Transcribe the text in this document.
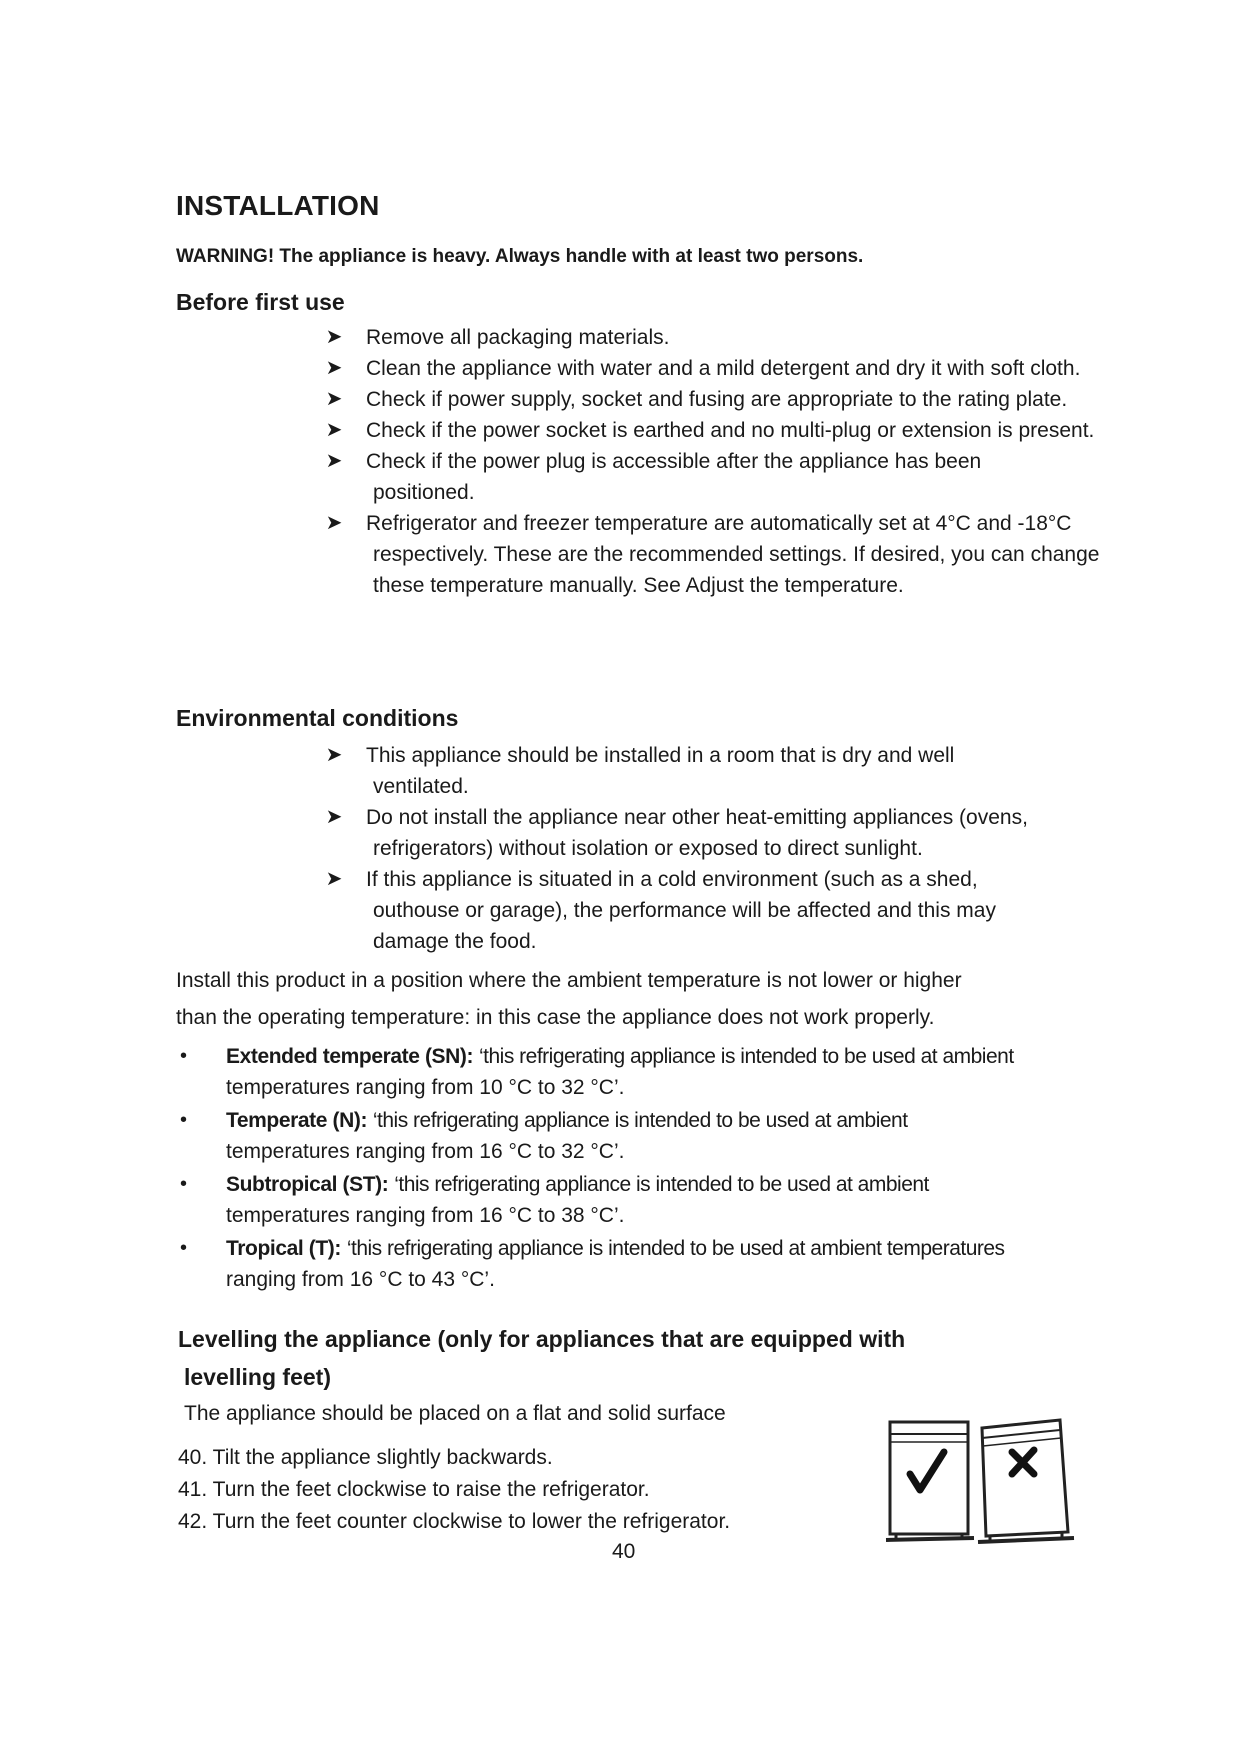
INSTALLATION
WARNING! The appliance is heavy. Always handle with at least two persons.
Before first use
➤ Remove all packaging materials.
➤ Clean the appliance with water and a mild detergent and dry it with soft cloth.
➤ Check if power supply, socket and fusing are appropriate to the rating plate.
➤ Check if the power socket is earthed and no multi-plug or extension is present.
➤ Check if the power plug is accessible after the appliance has been positioned.
➤ Refrigerator and freezer temperature are automatically set at 4°C and -18°C respectively. These are the recommended settings. If desired, you can change these temperature manually. See Adjust the temperature.
Environmental conditions
➤ This appliance should be installed in a room that is dry and well ventilated.
➤ Do not install the appliance near other heat-emitting appliances (ovens, refrigerators) without isolation or exposed to direct sunlight.
➤ If this appliance is situated in a cold environment (such as a shed, outhouse or garage), the performance will be affected and this may damage the food.
Install this product in a position where the ambient temperature is not lower or higher
than the operating temperature: in this case the appliance does not work properly.
• Extended temperate (SN): ‘this refrigerating appliance is intended to be used at ambient
temperatures ranging from 10 °C to 32 °C’.
• Temperate (N): ‘this refrigerating appliance is intended to be used at ambient
temperatures ranging from 16 °C to 32 °C’.
• Subtropical (ST): ‘this refrigerating appliance is intended to be used at ambient
temperatures ranging from 16 °C to 38 °C’.
• Tropical (T): ‘this refrigerating appliance is intended to be used at ambient temperatures
ranging from 16 °C to 43 °C’.
Levelling the appliance (only for appliances that are equipped with
levelling feet)
The appliance should be placed on a flat and solid surface
40. Tilt the appliance slightly backwards.
41. Turn the feet clockwise to raise the refrigerator.
42. Turn the feet counter clockwise to lower the refrigerator.
40
